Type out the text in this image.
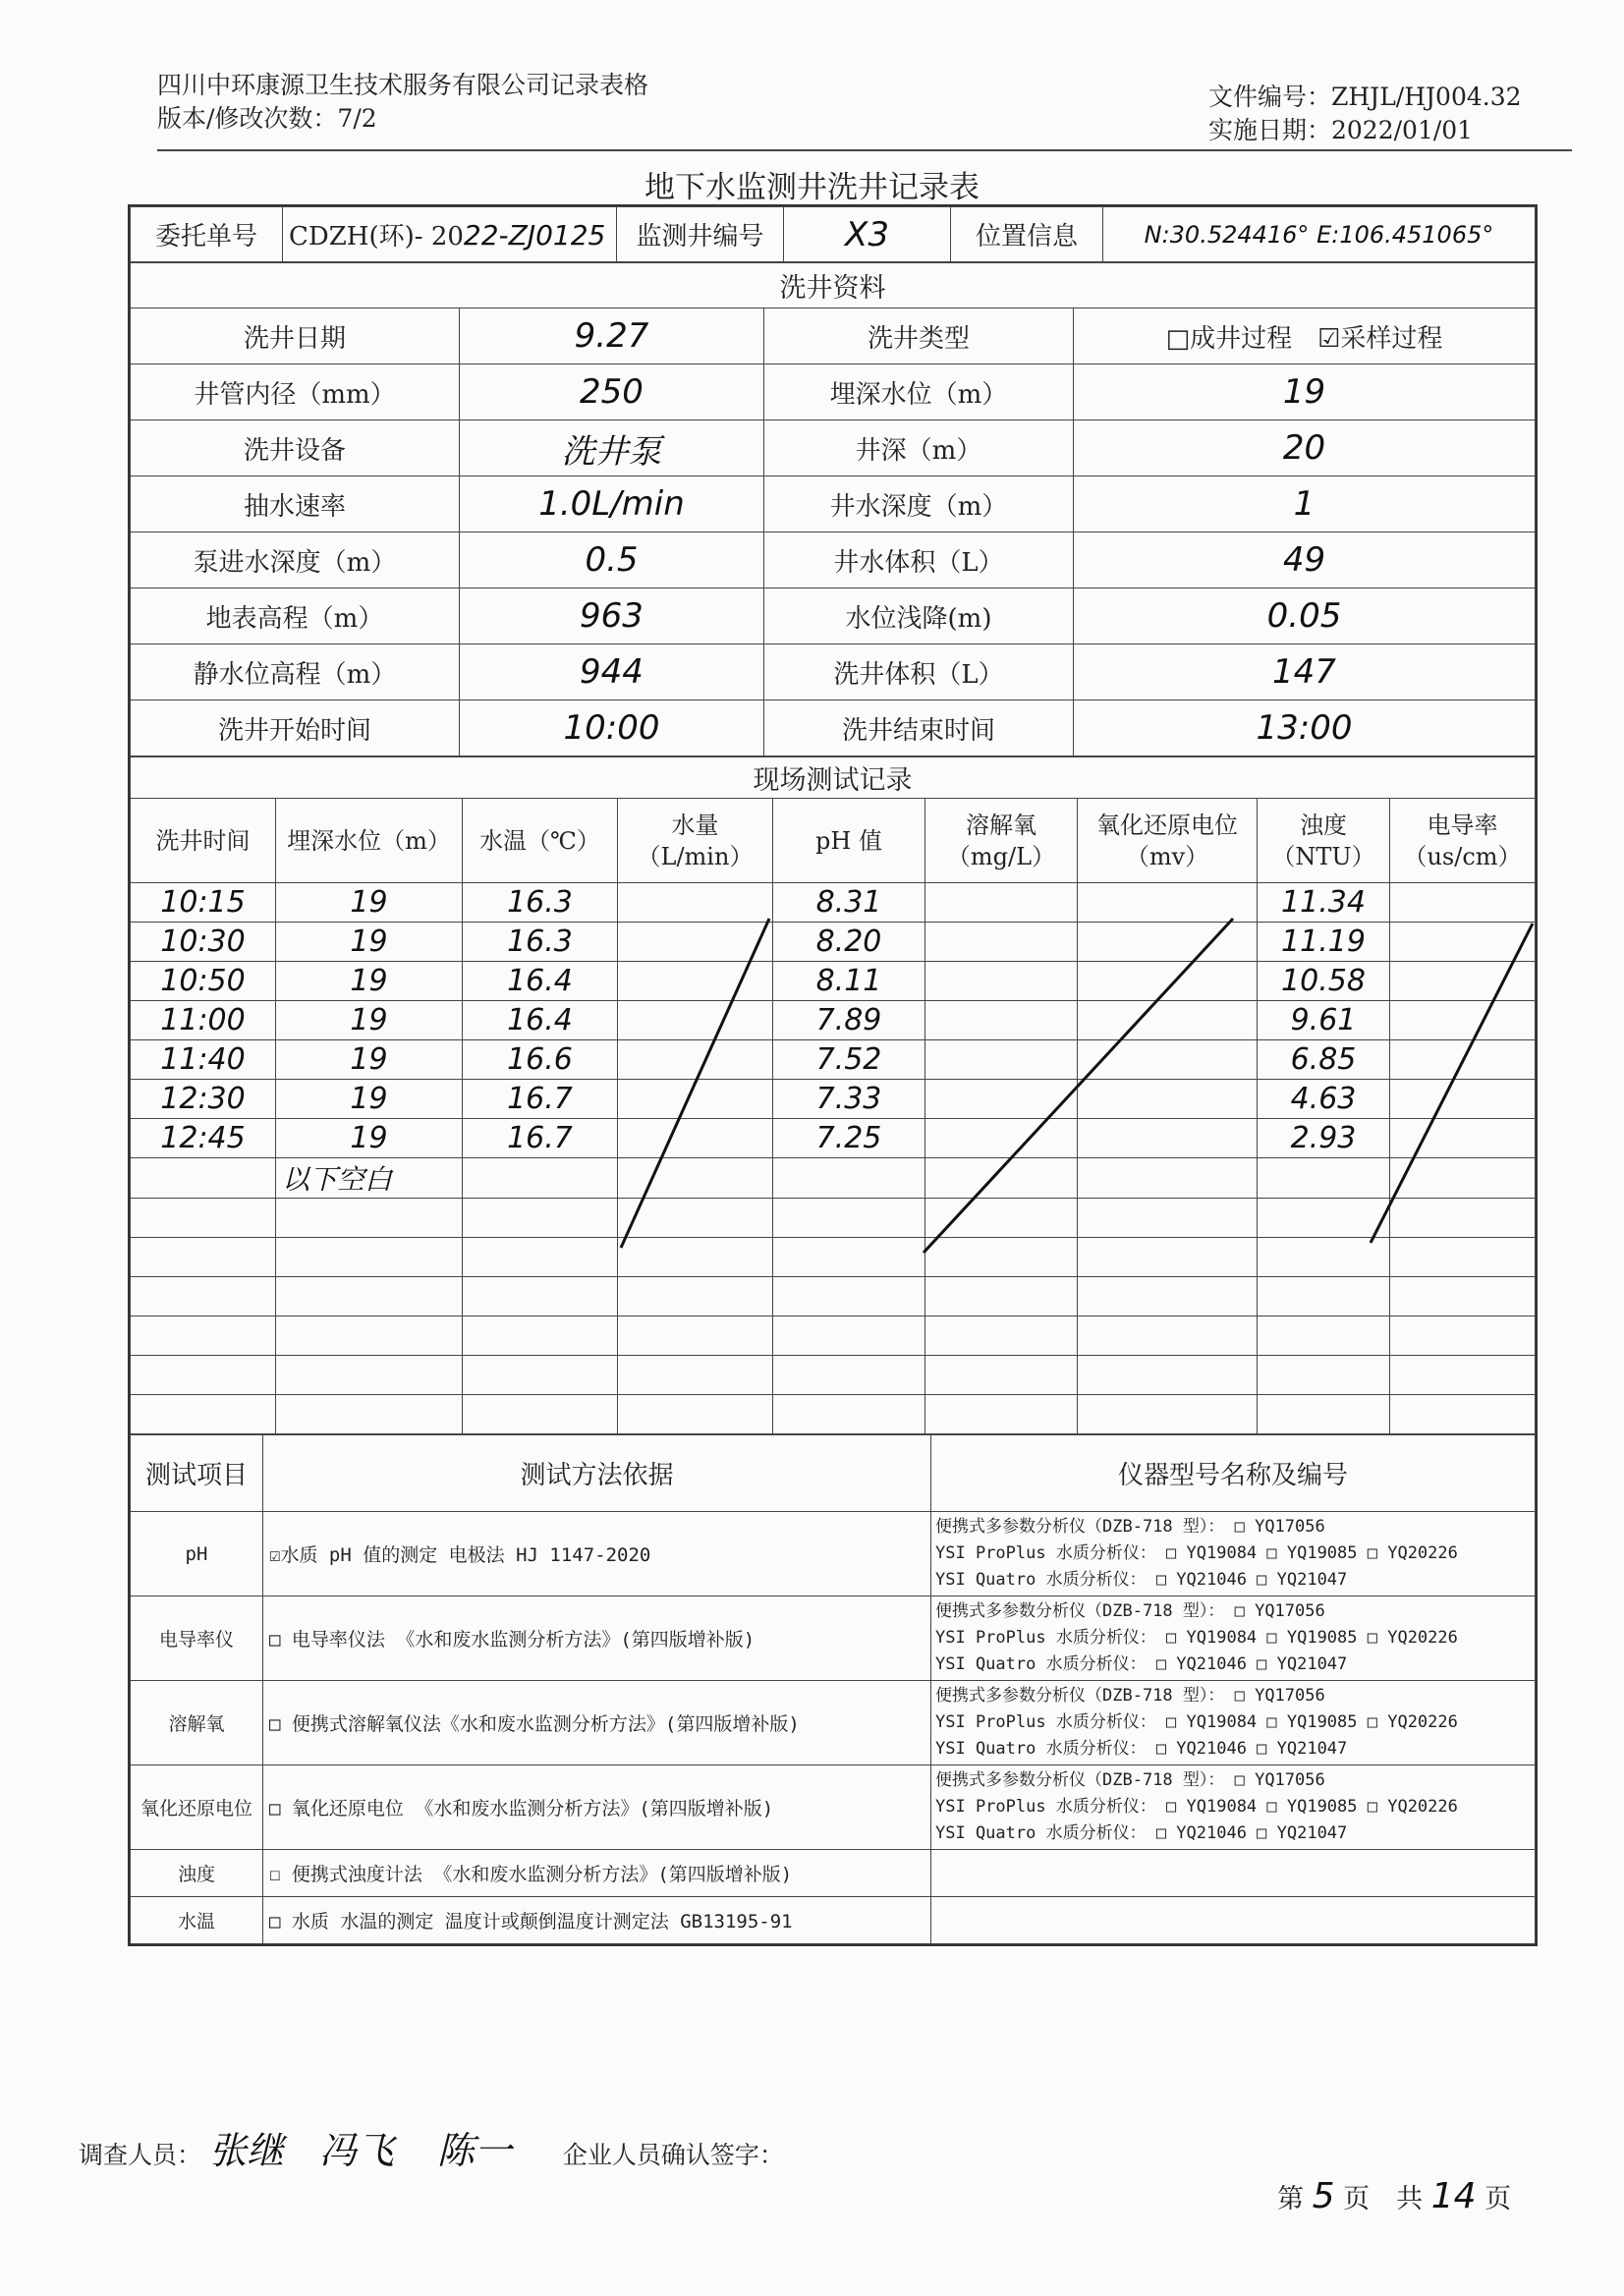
四川中环康源卫生技术服务有限公司记录表格
版本/修改次数：7/2
文件编号：ZHJL/HJ004.32
实施日期：2022/01/01
地下水监测井洗井记录表
委托单号	CDZH(环)- 2022-ZJ0125	监测井编号	X3	位置信息	N:30.524416° E:106.451065°
洗井资料			
洗井日期	9.27	洗井类型	□成井过程　☑采样过程
井管内径（mm）	250	埋深水位（m）	19
洗井设备	洗井泵	井深（m）	20
抽水速率	1.0L/min	井水深度（m）	1
泵进水深度（m）	0.5	井水体积（L）	49
地表高程（m）	963	水位浅降(m)	0.05
静水位高程（m）	944	洗井体积（L）	147
洗井开始时间	10:00	洗井结束时间	13:00
现场测试记录								
洗井时间	埋深水位（m）	水温（℃）	水量（L/min）	pH 值	溶解氧（mg/L）	氧化还原电位（mv）	浊度（NTU）	电导率（us/cm）
10:15	19	16.3		8.31			11.34	
10:30	19	16.3		8.20			11.19	
10:50	19	16.4		8.11			10.58	
11:00	19	16.4		7.89			9.61	
11:40	19	16.6		7.52			6.85	
12:30	19	16.7		7.33			4.63	
12:45	19	16.7		7.25			2.93	
	以下空白							

测试项目	测试方法依据	仪器型号名称及编号
pH	☑水质 pH 值的测定 电极法 HJ 1147-2020	便携式多参数分析仪（DZB-718 型）： □ YQ17056
YSI ProPlus 水质分析仪： □ YQ19084 □ YQ19085 □ YQ20226
YSI Quatro 水质分析仪： □ YQ21046 □ YQ21047

电导率仪	□ 电导率仪法 《水和废水监测分析方法》(第四版增补版)	便携式多参数分析仪（DZB-718 型）： □ YQ17056
YSI ProPlus 水质分析仪： □ YQ19084 □ YQ19085 □ YQ20226
YSI Quatro 水质分析仪： □ YQ21046 □ YQ21047

溶解氧	□ 便携式溶解氧仪法《水和废水监测分析方法》(第四版增补版)	便携式多参数分析仪（DZB-718 型）： □ YQ17056
YSI ProPlus 水质分析仪： □ YQ19084 □ YQ19085 □ YQ20226
YSI Quatro 水质分析仪： □ YQ21046 □ YQ21047

氧化还原电位	□ 氧化还原电位 《水和废水监测分析方法》(第四版增补版)	便携式多参数分析仪（DZB-718 型）： □ YQ17056
YSI ProPlus 水质分析仪： □ YQ19084 □ YQ19085 □ YQ20226
YSI Quatro 水质分析仪： □ YQ21046 □ YQ21047

浊度	☐ 便携式浊度计法 《水和废水监测分析方法》(第四版增补版)	
水温	□ 水质 水温的测定 温度计或颠倒温度计测定法 GB13195-91	
调查人员： 张继 冯飞 陈一 企业人员确认签字：
第 5 页　共 14 页
